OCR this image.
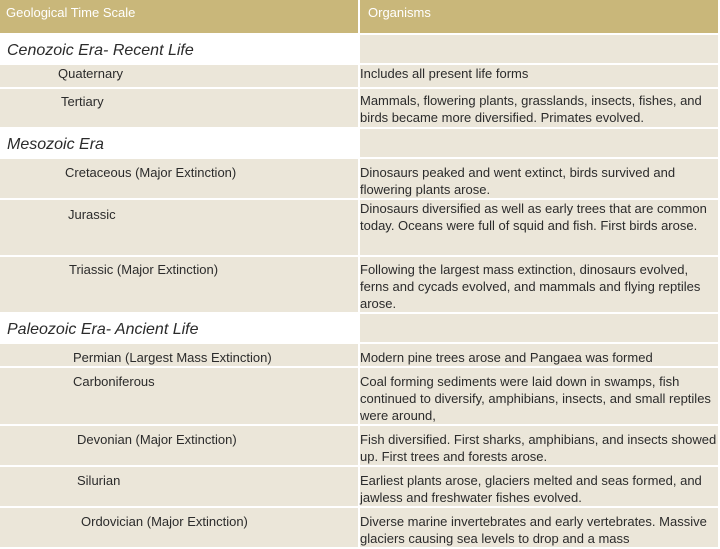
Geological Time Scale	Organisms
Cenozoic Era- Recent Life	
Quaternary	Includes all present life forms
Tertiary	Mammals, flowering plants, grasslands, insects, fishes, and birds became more diversified. Primates evolved.
Mesozoic Era	
Cretaceous (Major Extinction)	Dinosaurs peaked and went extinct, birds survived and flowering plants arose.
Jurassic	Dinosaurs diversified as well as early trees that are common today. Oceans were full of squid and fish. First birds arose.
Triassic (Major Extinction)	Following the largest mass extinction, dinosaurs evolved, ferns and cycads evolved, and mammals and flying reptiles arose.
Paleozoic Era- Ancient Life	
Permian (Largest Mass Extinction)	Modern pine trees arose and Pangaea was formed
Carboniferous	Coal forming sediments were laid down in swamps, fish continued to diversify, amphibians, insects, and small reptiles were around,
Devonian (Major Extinction)	Fish diversified. First sharks, amphibians, and insects showed up. First trees and forests arose.
Silurian	Earliest plants arose, glaciers melted and seas formed, and jawless and freshwater fishes evolved.
Ordovician (Major Extinction)	Diverse marine invertebrates and early vertebrates. Massive glaciers causing sea levels to drop and a mass
